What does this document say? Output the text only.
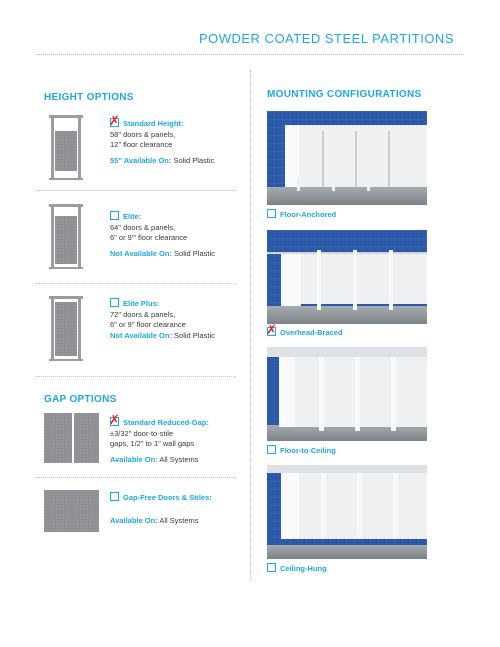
POWDER COATED STEEL PARTITIONS
HEIGHT OPTIONS
✗ Standard Height:
58" doors & panels,
12" floor clearance
55" Available On: Solid Plastic
Elite:
64" doors & panels,
6" or 9"' floor clearance
Not Available On: Solid Plastic
Elite Plus:
72" doors & panels,
6" or 9" floor clearance
Not Available On: Solid Plastic
GAP OPTIONS
✗ Standard Reduced-Gap:
±3/32" door-to-stile
gaps, 1/2" to 1" wall gaps
Available On: All Systems
Gap-Free Doors & Stiles:
Available On: All Systems
MOUNTING CONFIGURATIONS
Floor-Anchored
✗ Overhead-Braced
Floor-to-Ceiling
Ceiling-Hung
